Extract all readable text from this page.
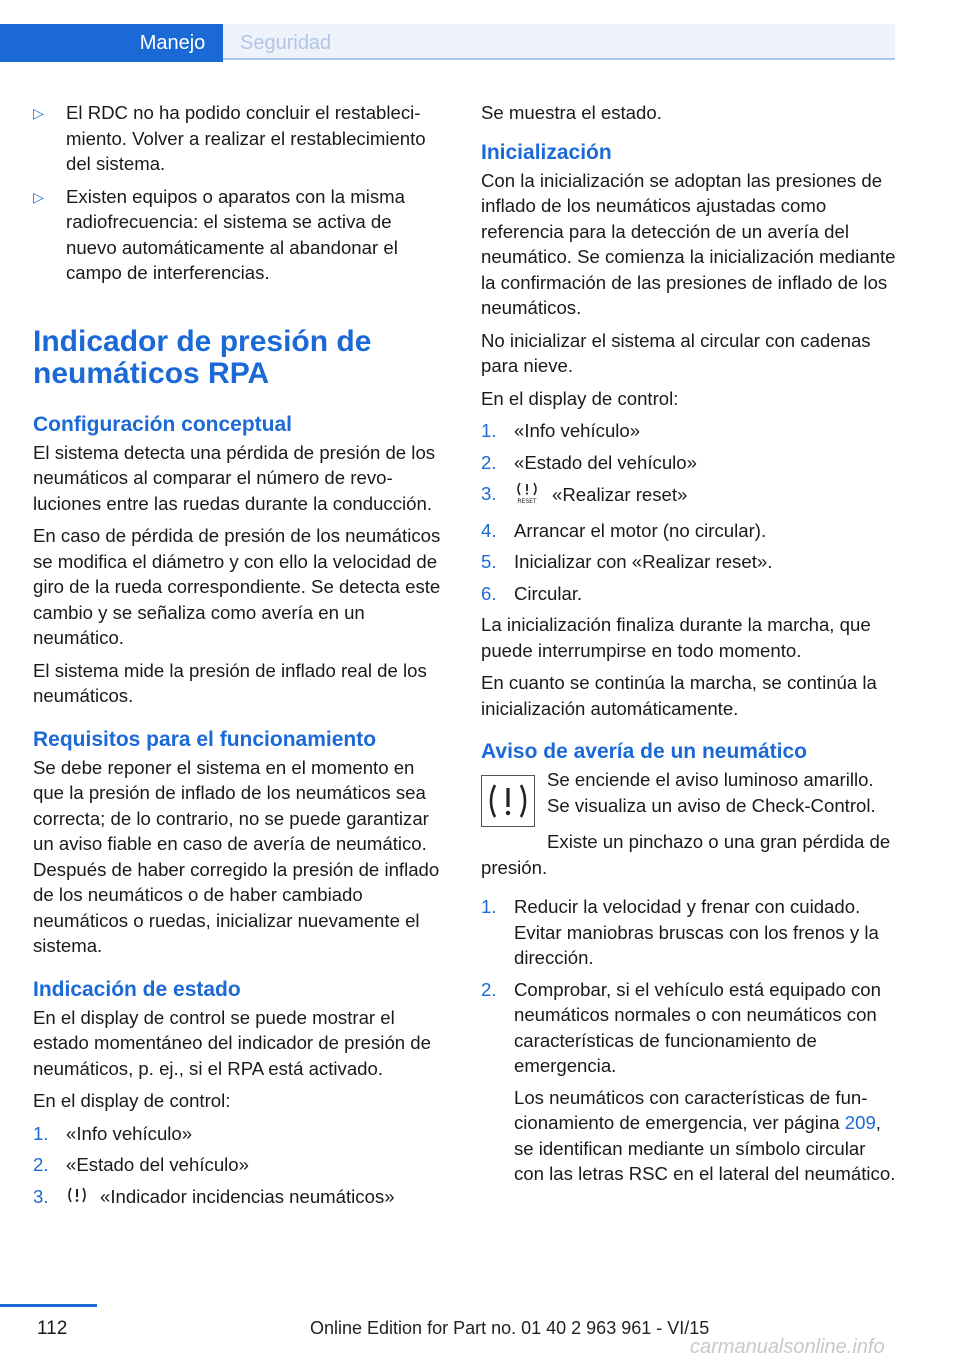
Manejo	Seguridad
▷ El RDC no ha podido concluir el restablecimiento. Volver a realizar el restablecimiento del sistema.
▷ Existen equipos o aparatos con la misma radiofrecuencia: el sistema se activa de nuevo automáticamente al abandonar el campo de interferencias.
Indicador de presión de neumáticos RPA
Configuración conceptual

El sistema detecta una pérdida de presión de los neumáticos al comparar el número de revoluciones entre las ruedas durante la conducción.

En caso de pérdida de presión de los neumáticos se modifica el diámetro y con ello la velocidad de giro de la rueda correspondiente. Se detecta este cambio y se señaliza como avería en un neumático.

El sistema mide la presión de inflado real de los neumáticos.

Requisitos para el funcionamiento

Se debe reponer el sistema en el momento en que la presión de inflado de los neumáticos sea correcta; de lo contrario, no se puede garantizar un aviso fiable en caso de avería de neumático. Después de haber corregido la presión de inflado de los neumáticos o de haber cambiado neumáticos o ruedas, inicializar nuevamente el sistema.

Indicación de estado

En el display de control se puede mostrar el estado momentáneo del indicador de presión de neumáticos, p. ej., si el RPA está activado.

En el display de control:

1. «Info vehículo»
2. «Estado del vehículo»
3.	«Indicador incidencias neumáticos»

Se muestra el estado.

Inicialización

Con la inicialización se adoptan las presiones de inflado de los neumáticos ajustadas como referencia para la detección de un avería del neumático. Se comienza la inicialización mediante la confirmación de las presiones de inflado de los neumáticos.

No inicializar el sistema al circular con cadenas para nieve.

En el display de control:

1. «Info vehículo»
2. «Estado del vehículo»
3.	RESET «Realizar reset»
4. Arrancar el motor (no circular).
5. Inicializar con «Realizar reset».
6. Circular.

La inicialización finaliza durante la marcha, que puede interrumpirse en todo momento.

En cuanto se continúa la marcha, se continúa la inicialización automáticamente.

Aviso de avería de un neumático

Se enciende el aviso luminoso amarillo. Se visualiza un aviso de Check-Control.

Existe un pinchazo o una gran pérdida de presión.

1. Reducir la velocidad y frenar con cuidado. Evitar maniobras bruscas con los frenos y la dirección.
2. Comprobar, si el vehículo está equipado con neumáticos normales o con neumáticos con características de funcionamiento de emergencia.
Los neumáticos con características de funcionamiento de emergencia, ver página 209, se identifican mediante un símbolo circular con las letras RSC en el lateral del neumático.
112	Online Edition for Part no. 01 40 2 963 961 - VI/15
carmanualsonline.info
